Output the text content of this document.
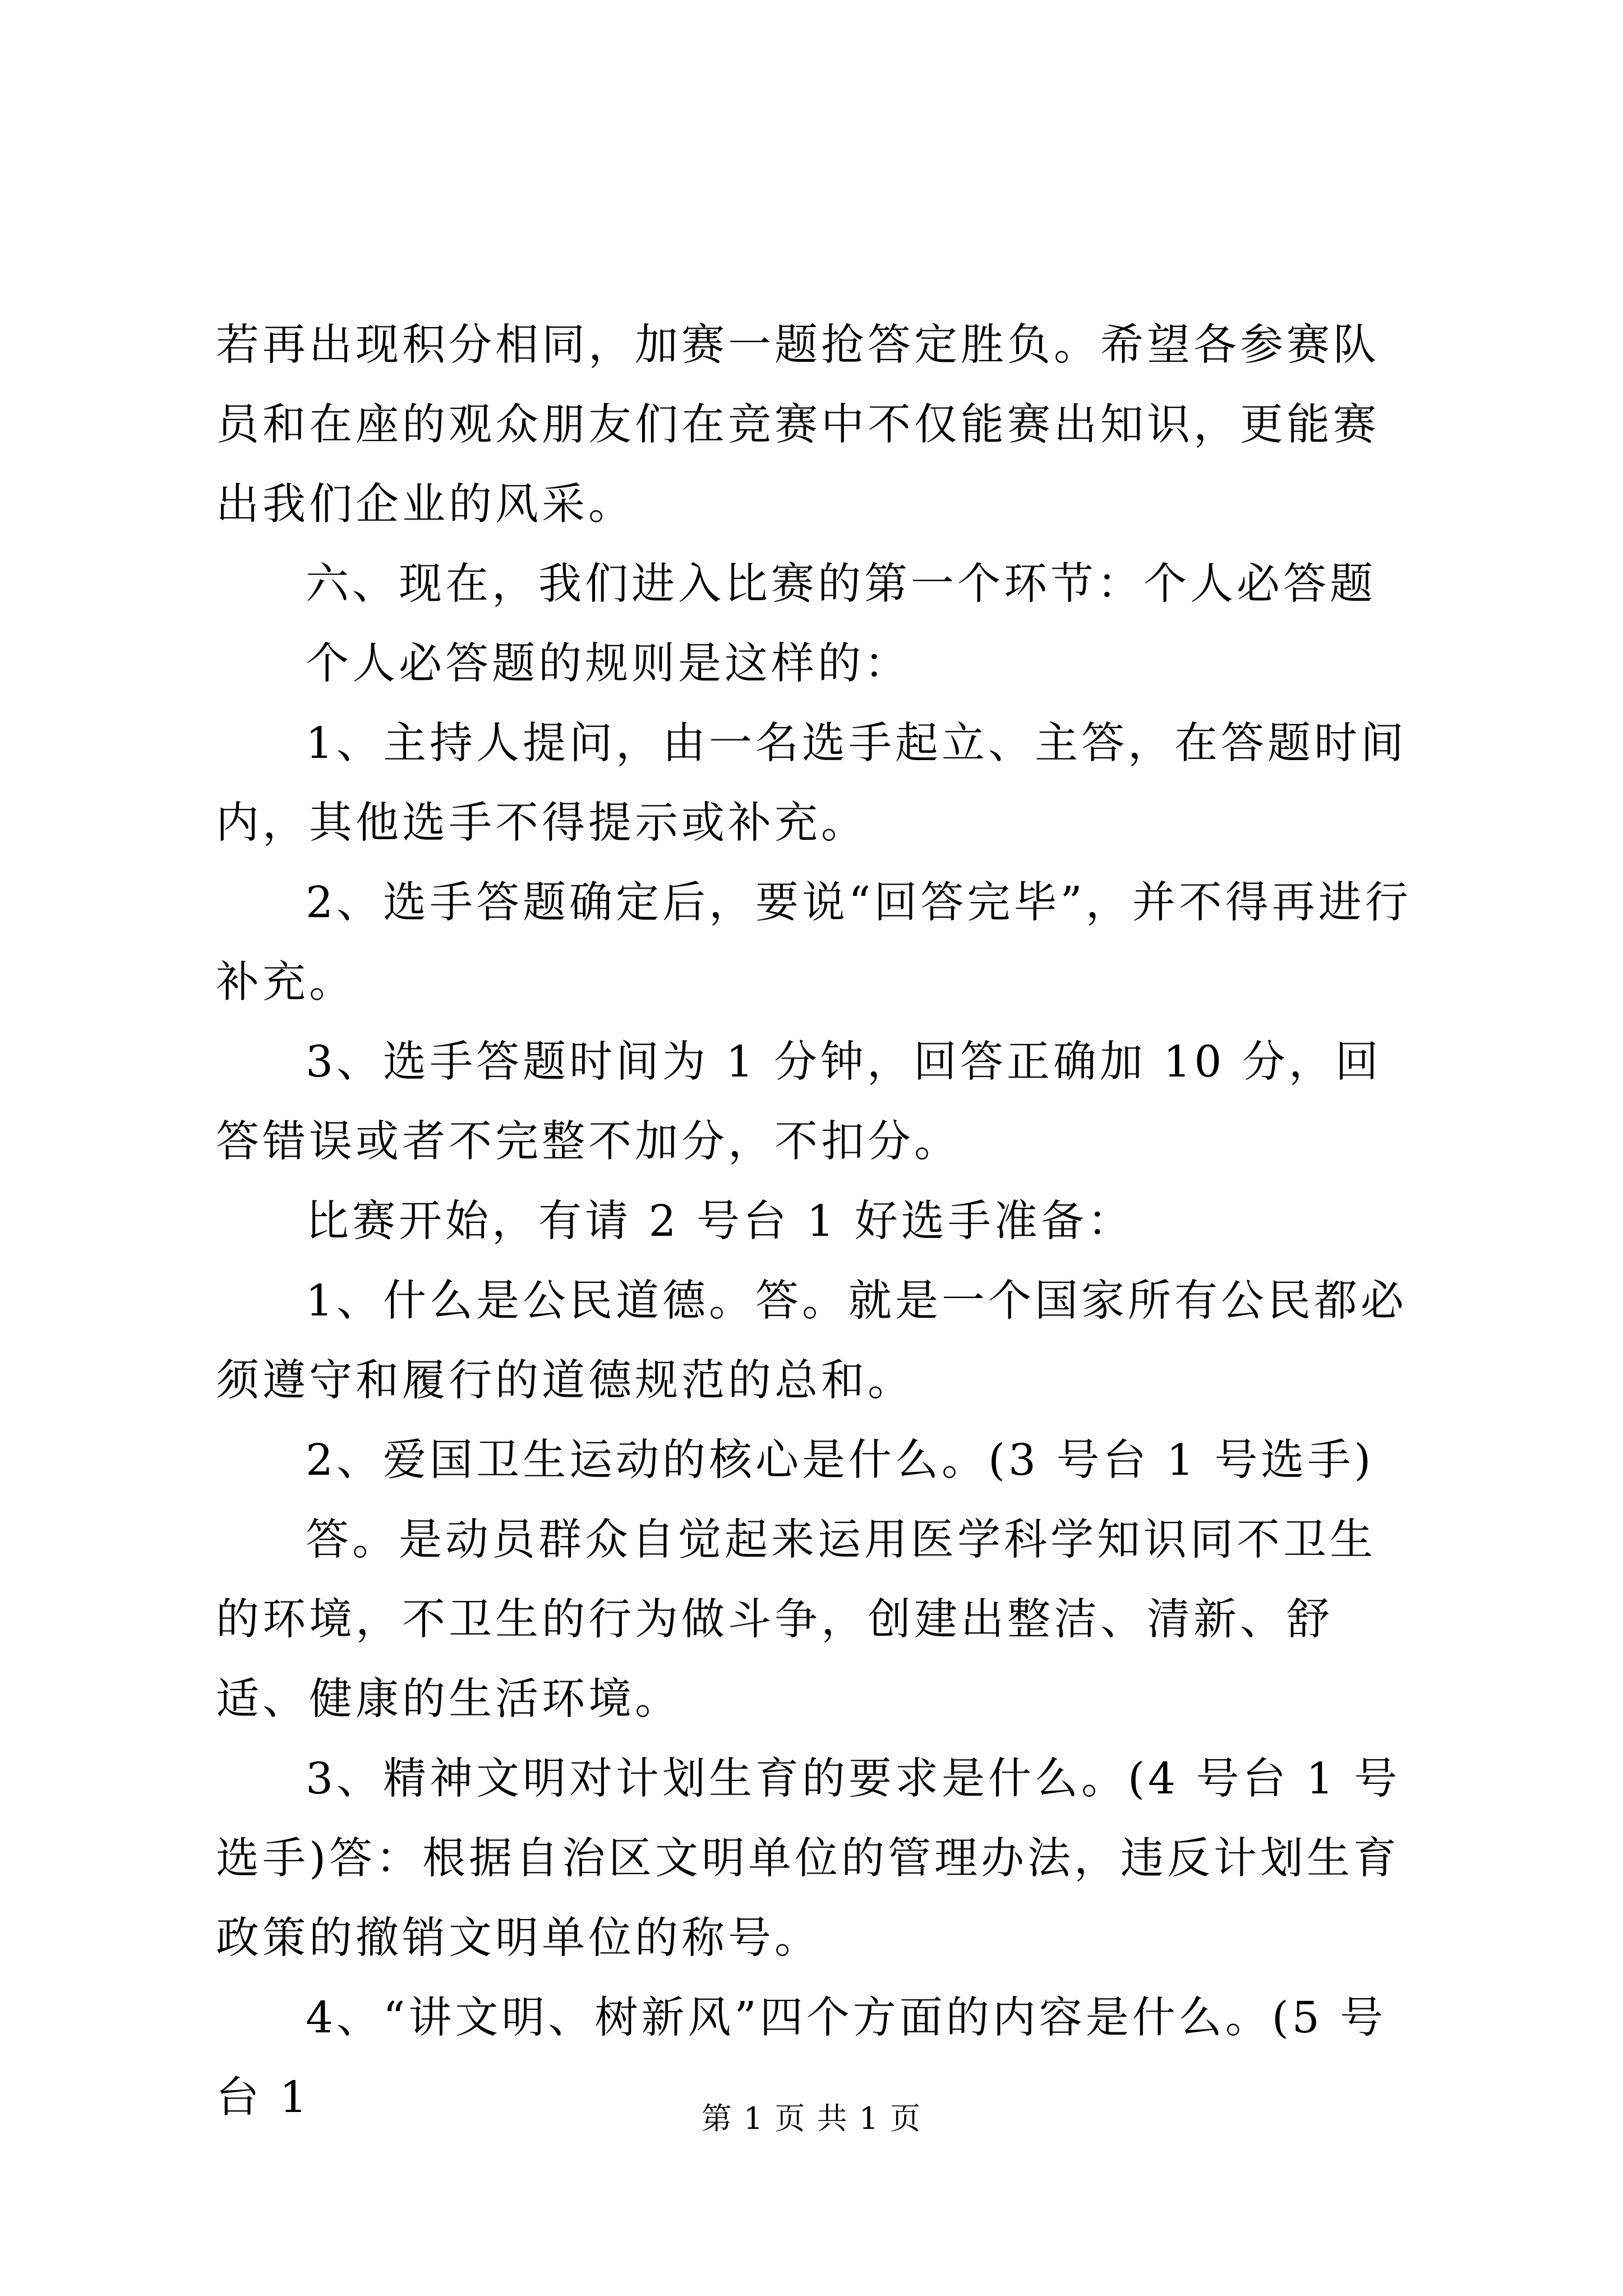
若再出现积分相同，加赛一题抢答定胜负。希望各参赛队员和在座的观众朋友们在竞赛中不仅能赛出知识，更能赛出我们企业的风采。

六、现在，我们进入比赛的第一个环节：个人必答题

个人必答题的规则是这样的：

1、主持人提问，由一名选手起立、主答，在答题时间内，其他选手不得提示或补充。

2、选手答题确定后，要说“回答完毕”，并不得再进行补充。

3、选手答题时间为 1 分钟，回答正确加 10 分，回答错误或者不完整不加分，不扣分。

比赛开始，有请 2 号台 1 好选手准备：

1、什么是公民道德。答。就是一个国家所有公民都必须遵守和履行的道德规范的总和。

2、爱国卫生运动的核心是什么。(3 号台 1 号选手)

答。是动员群众自觉起来运用医学科学知识同不卫生的环境，不卫生的行为做斗争，创建出整洁、清新、舒适、健康的生活环境。

3、精神文明对计划生育的要求是什么。(4 号台 1 号选手)答：根据自治区文明单位的管理办法，违反计划生育政策的撤销文明单位的称号。

4、“讲文明、树新风”四个方面的内容是什么。(5 号台 1	第 1 页 共 1 页
